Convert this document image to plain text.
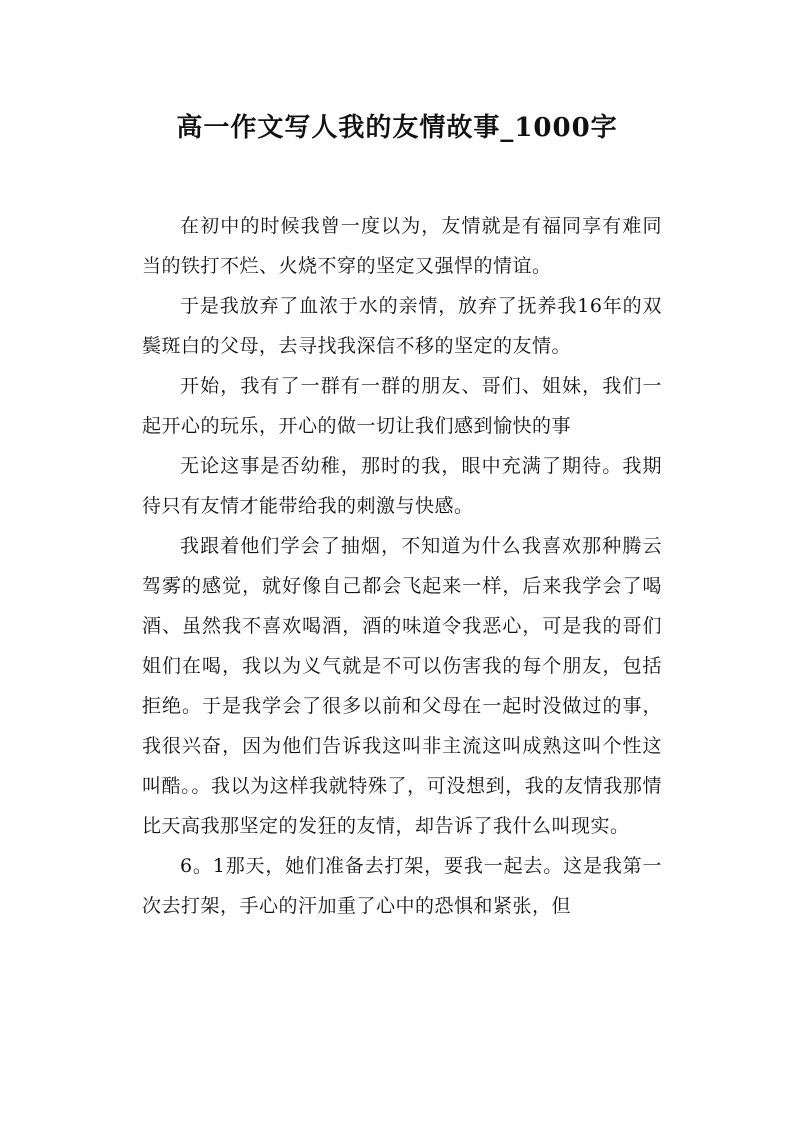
高一作文写人我的友情故事_1000字

在初中的时候我曾一度以为，友情就是有福同享有难同当的铁打不烂、火烧不穿的坚定又强悍的情谊。

于是我放弃了血浓于水的亲情，放弃了抚养我16年的双鬓斑白的父母，去寻找我深信不移的坚定的友情。

开始，我有了一群有一群的朋友、哥们、姐妹，我们一起开心的玩乐，开心的做一切让我们感到愉快的事

无论这事是否幼稚，那时的我，眼中充满了期待。我期待只有友情才能带给我的刺激与快感。

我跟着他们学会了抽烟，不知道为什么我喜欢那种腾云驾雾的感觉，就好像自己都会飞起来一样，后来我学会了喝酒、虽然我不喜欢喝酒，酒的味道令我恶心，可是我的哥们姐们在喝，我以为义气就是不可以伤害我的每个朋友，包括拒绝。于是我学会了很多以前和父母在一起时没做过的事，我很兴奋，因为他们告诉我这叫非主流这叫成熟这叫个性这叫酷。。我以为这样我就特殊了，可没想到，我的友情我那情比天高我那坚定的发狂的友情，却告诉了我什么叫现实。

6。1那天，她们准备去打架，要我一起去。这是我第一次去打架，手心的汗加重了心中的恐惧和紧张，但
